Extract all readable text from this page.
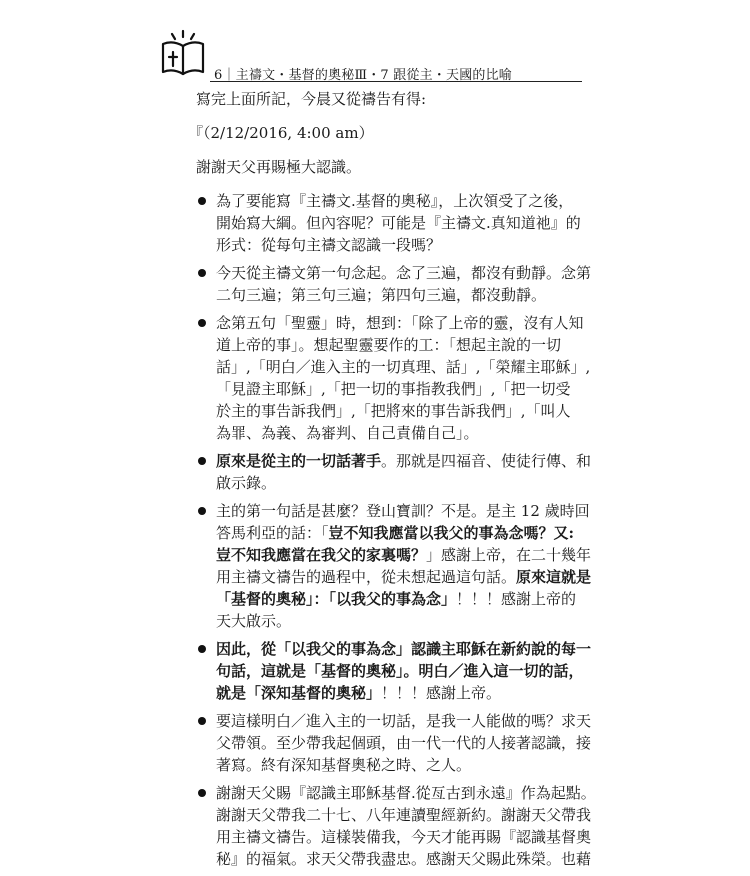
6｜主禱文・基督的奧秘Ⅲ・7 跟從主・天國的比喻

寫完上面所記，今晨又從禱告有得:

『（2/12/2016, 4:00 am）

謝謝天父再賜極大認識。

為了要能寫『主禱文.基督的奧秘』，上次領受了之後，
開始寫大綱。但內容呢？可能是『主禱文.真知道祂』的
形式：從每句主禱文認識一段嗎？
今天從主禱文第一句念起。念了三遍，都沒有動靜。念第
二句三遍；第三句三遍；第四句三遍，都沒動靜。
念第五句「聖靈」時，想到：「除了上帝的靈，沒有人知
道上帝的事」。想起聖靈要作的工：「想起主說的一切
話」,「明白／進入主的一切真理、話」,「榮耀主耶穌」,
「見證主耶穌」,「把一切的事指教我們」,「把一切受
於主的事告訴我們」,「把將來的事告訴我們」,「叫人
為罪、為義、為審判、自己責備自己」。
原來是從主的一切話著手。那就是四福音、使徒行傳、和
啟示錄。
主的第一句話是甚麼？登山寶訓？不是。是主 12 歲時回
答馬利亞的話：「豈不知我應當以我父的事為念嗎？又:
豈不知我應當在我父的家裏嗎？」感謝上帝，在二十幾年
用主禱文禱告的過程中，從未想起過這句話。原來這就是
「基督的奧秘」：「以我父的事為念」！！！感謝上帝的
天大啟示。
因此，從「以我父的事為念」認識主耶穌在新約說的每一
句話，這就是「基督的奧秘」。明白／進入這一切的話，
就是「深知基督的奧秘」！！！感謝上帝。
要這樣明白／進入主的一切話，是我一人能做的嗎？求天
父帶領。至少帶我起個頭，由一代一代的人接著認識，接
著寫。終有深知基督奧秘之時、之人。
謝謝天父賜『認識主耶穌基督.從亙古到永遠』作為起點。
謝謝天父帶我二十七、八年連讀聖經新約。謝謝天父帶我
用主禱文禱告。這樣裝備我，今天才能再賜『認識基督奧
秘』的福氣。求天父帶我盡忠。感謝天父賜此殊榮。也藉
